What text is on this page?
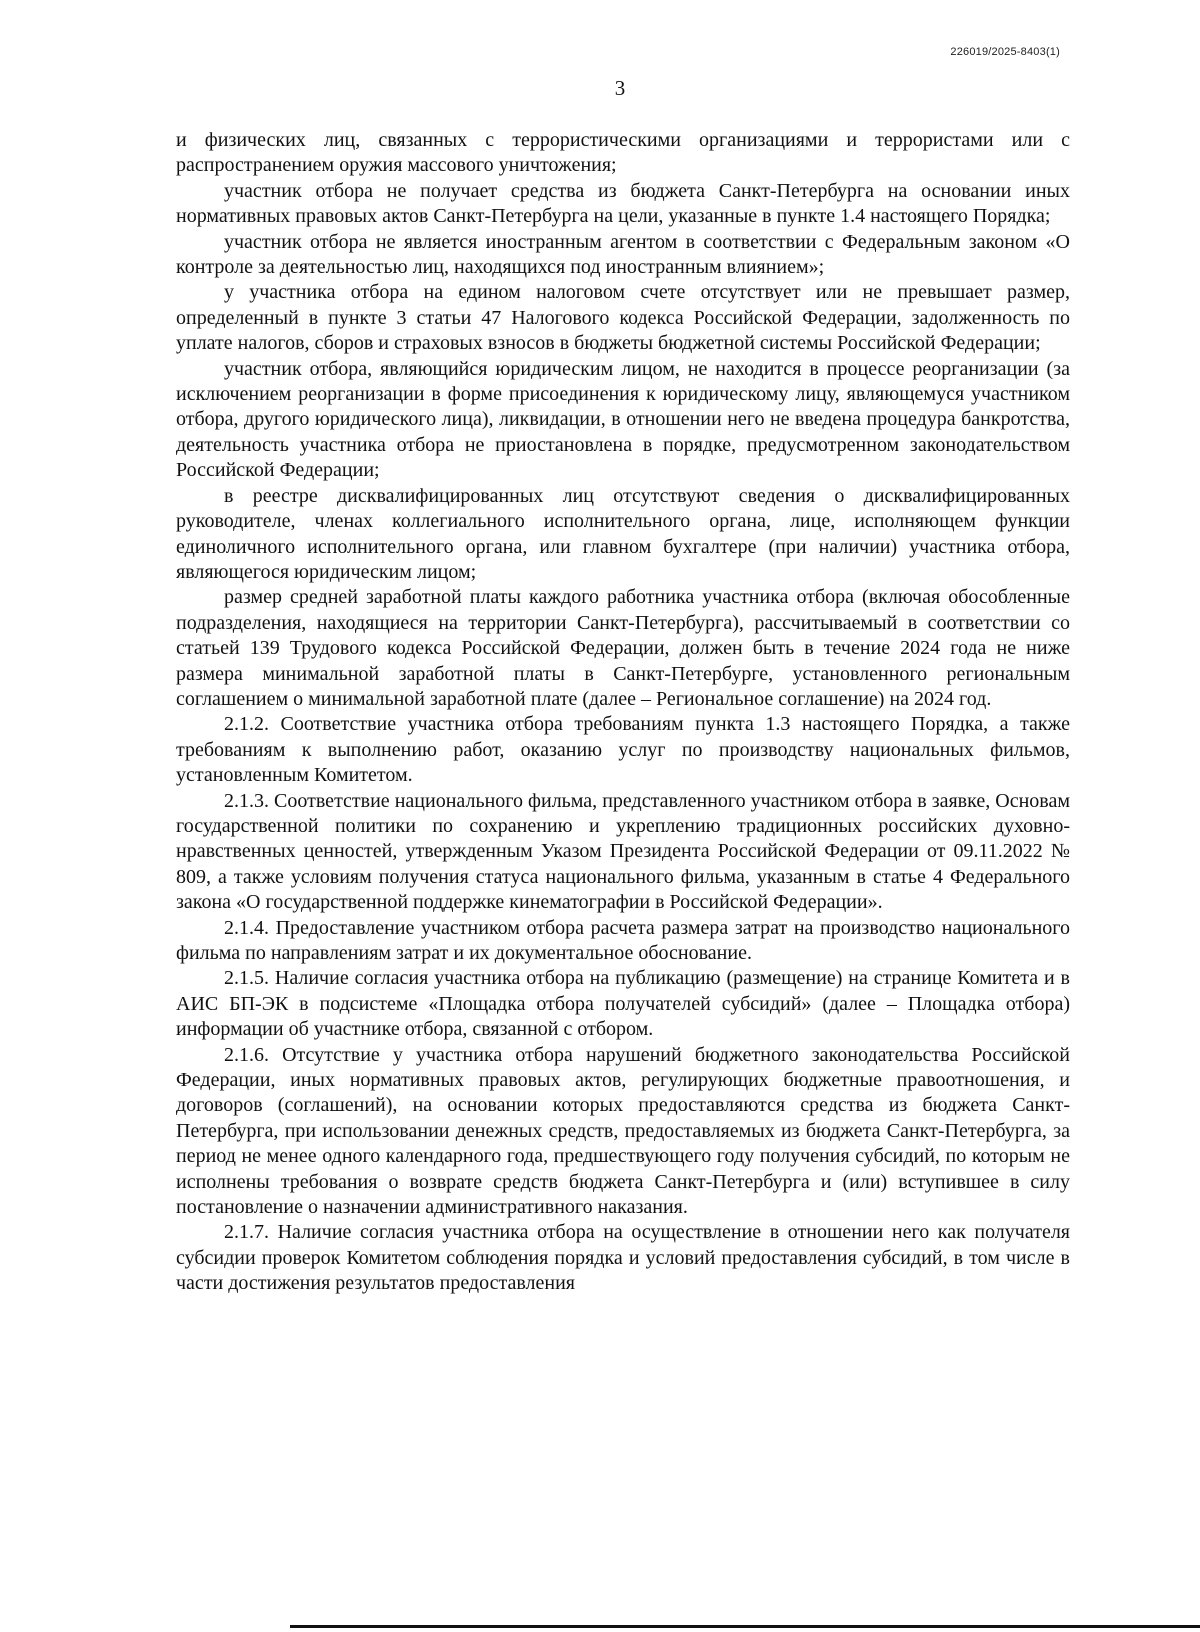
226019/2025-8403(1)
3

и физических лиц, связанных с террористическими организациями и террористами или с распространением оружия массового уничтожения;

участник отбора не получает средства из бюджета Санкт-Петербурга на основании иных нормативных правовых актов Санкт-Петербурга на цели, указанные в пункте 1.4 настоящего Порядка;

участник отбора не является иностранным агентом в соответствии с Федеральным законом «О контроле за деятельностью лиц, находящихся под иностранным влиянием»;

у участника отбора на едином налоговом счете отсутствует или не превышает размер, определенный в пункте 3 статьи 47 Налогового кодекса Российской Федерации, задолженность по уплате налогов, сборов и страховых взносов в бюджеты бюджетной системы Российской Федерации;

участник отбора, являющийся юридическим лицом, не находится в процессе реорганизации (за исключением реорганизации в форме присоединения к юридическому лицу, являющемуся участником отбора, другого юридического лица), ликвидации, в отношении него не введена процедура банкротства, деятельность участника отбора не приостановлена в порядке, предусмотренном законодательством Российской Федерации;

в реестре дисквалифицированных лиц отсутствуют сведения о дисквалифицированных руководителе, членах коллегиального исполнительного органа, лице, исполняющем функции единоличного исполнительного органа, или главном бухгалтере (при наличии) участника отбора, являющегося юридическим лицом;

размер средней заработной платы каждого работника участника отбора (включая обособленные подразделения, находящиеся на территории Санкт-Петербурга), рассчитываемый в соответствии со статьей 139 Трудового кодекса Российской Федерации, должен быть в течение 2024 года не ниже размера минимальной заработной платы в Санкт-Петербурге, установленного региональным соглашением о минимальной заработной плате (далее – Региональное соглашение) на 2024 год.

2.1.2. Соответствие участника отбора требованиям пункта 1.3 настоящего Порядка, а также требованиям к выполнению работ, оказанию услуг по производству национальных фильмов, установленным Комитетом.

2.1.3. Соответствие национального фильма, представленного участником отбора в заявке, Основам государственной политики по сохранению и укреплению традиционных российских духовно-нравственных ценностей, утвержденным Указом Президента Российской Федерации от 09.11.2022 № 809, а также условиям получения статуса национального фильма, указанным в статье 4 Федерального закона «О государственной поддержке кинематографии в Российской Федерации».

2.1.4. Предоставление участником отбора расчета размера затрат на производство национального фильма по направлениям затрат и их документальное обоснование.

2.1.5. Наличие согласия участника отбора на публикацию (размещение) на странице Комитета и в АИС БП-ЭК в подсистеме «Площадка отбора получателей субсидий» (далее – Площадка отбора) информации об участнике отбора, связанной с отбором.

2.1.6. Отсутствие у участника отбора нарушений бюджетного законодательства Российской Федерации, иных нормативных правовых актов, регулирующих бюджетные правоотношения, и договоров (соглашений), на основании которых предоставляются средства из бюджета Санкт-Петербурга, при использовании денежных средств, предоставляемых из бюджета Санкт-Петербурга, за период не менее одного календарного года, предшествующего году получения субсидий, по которым не исполнены требования о возврате средств бюджета Санкт-Петербурга и (или) вступившее в силу постановление о назначении административного наказания.

2.1.7. Наличие согласия участника отбора на осуществление в отношении него как получателя субсидии проверок Комитетом соблюдения порядка и условий предоставления субсидий, в том числе в части достижения результатов предоставления
